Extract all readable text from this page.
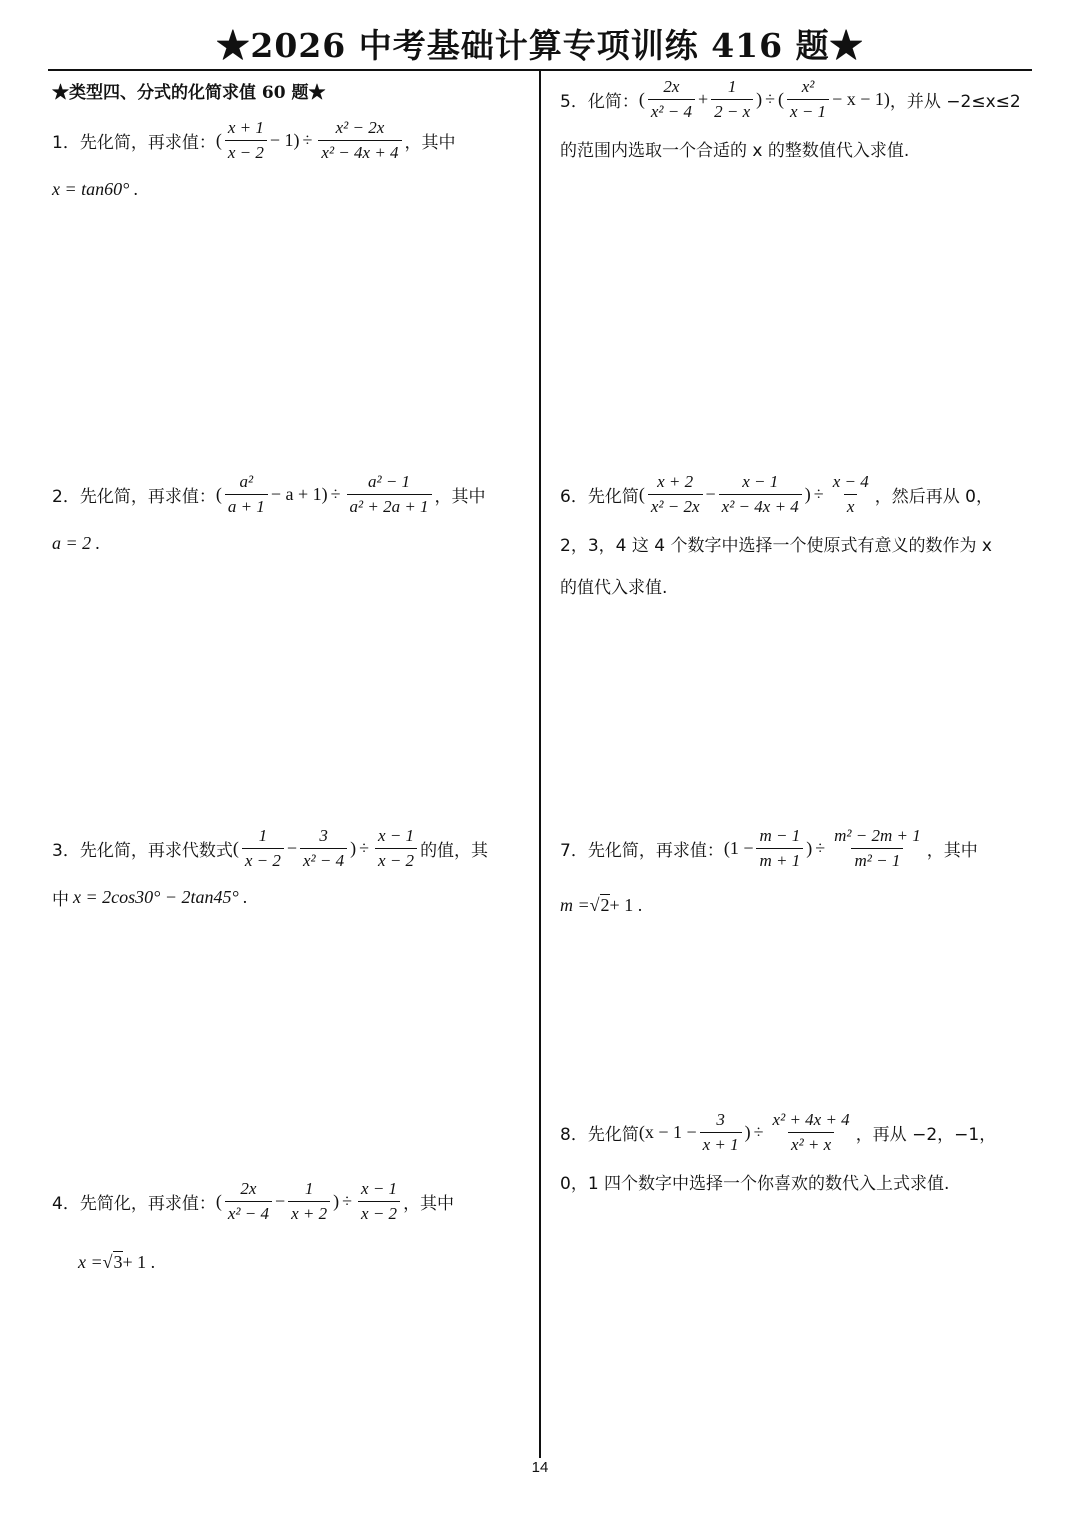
★2026 中考基础计算专项训练 416 题★
★类型四、分式的化简求值 60 题★
1．先化简，再求值： ( $\frac{x + 1}{x - 2} - 1) \div \frac{\text{x² − 2x}}{\text{x² − 4x + 4}}$ ，其中
x = tan60° .
2．先化简，再求值： ( $\frac{\text{a²}}{a + 1} - a + 1) \div \frac{\text{a² − 1}}{\text{a² + 2a + 1}}$ ，其中
a = 2 .
3．先化简，再求代数式 ( $\frac{1}{x - 2} - \frac{3}{\text{x² − 4}}$ ) ÷ $\frac{x - 1}{x - 2}$ 的值，其
中 x = 2cos30° − 2tan45° .
4．先简化，再求值： ( $\frac{2x}{\text{x² − 4}} - \frac{1}{x + 2}$ ) ÷ $\frac{x - 1}{x - 2}$ ，其中
x = √ 3 + 1 .
5．化简： ( $\frac{2x}{\text{x² − 4}} + \frac{1}{2 - x}$ ) ÷ ( $\frac{\text{x²}}{x - 1} - x - 1$) ，并从 −2≤x≤2
的范围内选取一个合适的 x 的整数值代入求值.
6．先化简 ( $\frac{x + 2}{\text{x² − 2x}} - \frac{x - 1}{\text{x² − 4x + 4}}$ ) ÷ $\frac{x - 4}{x}$ ，然后再从 0，
2，3，4 这 4 个数字中选择一个使原式有意义的数作为 x
的值代入求值.
7．先化简，再求值： ($1 - \frac{m - 1}{m + 1}$ ) ÷ $\frac{\text{m² − 2m + 1}}{\text{m² − 1}}$ ，其中
m = √ 2 + 1 .
8．先化简 ($x - 1 - \frac{3}{x + 1}$ ) ÷ $\frac{\text{x² + 4x + 4}}{\text{x² + x}}$ ，再从 −2，−1，
0，1 四个数字中选择一个你喜欢的数代入上式求值.
14
